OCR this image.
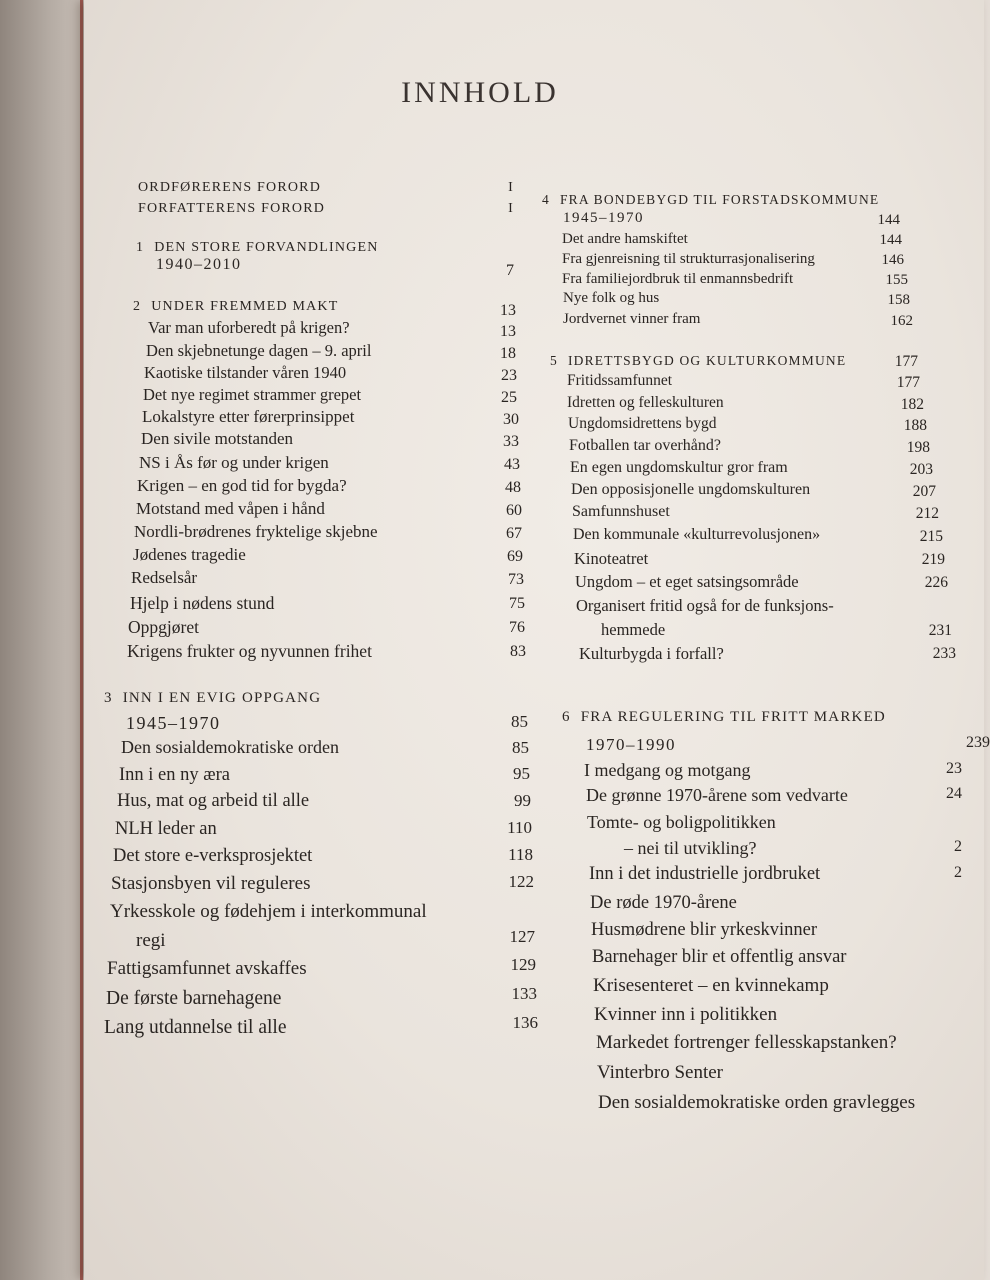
INNHOLD
ORDFØRERENS FORORD	I
FORFATTERENS FORORD	I
1 DEN STORE FORVANDLINGEN
1940–2010	7
2 UNDER FREMMED MAKT	13
Var man uforberedt på krigen?	13
Den skjebnetunge dagen – 9. april	18
Kaotiske tilstander våren 1940	23
Det nye regimet strammer grepet	25
Lokalstyre etter førerprinsippet	30
Den sivile motstanden	33
NS i Ås før og under krigen	43
Krigen – en god tid for bygda?	48
Motstand med våpen i hånd	60
Nordli-brødrenes fryktelige skjebne	67
Jødenes tragedie	69
Redselsår	73
Hjelp i nødens stund	75
Oppgjøret	76
Krigens frukter og nyvunnen frihet	83
3 INN I EN EVIG OPPGANG
1945–1970	85
Den sosialdemokratiske orden	85
Inn i en ny æra	95
Hus, mat og arbeid til alle	99
NLH leder an	110
Det store e-verksprosjektet	118
Stasjonsbyen vil reguleres	122
Yrkesskole og fødehjem i interkommunal
regi	127
Fattigsamfunnet avskaffes	129
De første barnehagene	133
Lang utdannelse til alle	136
4 FRA BONDEBYGD TIL FORSTADSKOMMUNE
1945–1970	144
Det andre hamskiftet	144
Fra gjenreisning til strukturrasjonalisering	146
Fra familiejordbruk til enmannsbedrift	155
Nye folk og hus	158
Jordvernet vinner fram	162
5 IDRETTSBYGD OG KULTURKOMMUNE	177
Fritidssamfunnet	177
Idretten og felleskulturen	182
Ungdomsidrettens bygd	188
Fotballen tar overhånd?	198
En egen ungdomskultur gror fram	203
Den opposisjonelle ungdomskulturen	207
Samfunnshuset	212
Den kommunale «kulturrevolusjonen»	215
Kinoteatret	219
Ungdom – et eget satsingsområde	226
Organisert fritid også for de funksjons-
hemmede	231
Kulturbygda i forfall?	233
6 FRA REGULERING TIL FRITT MARKED
1970–1990	239
I medgang og motgang	23
De grønne 1970-årene som vedvarte	24
Tomte- og boligpolitikken
– nei til utvikling?	2
Inn i det industrielle jordbruket	2
De røde 1970-årene
Husmødrene blir yrkeskvinner
Barnehager blir et offentlig ansvar
Krisesenteret – en kvinnekamp
Kvinner inn i politikken
Markedet fortrenger fellesskapstanken?
Vinterbro Senter
Den sosialdemokratiske orden gravlegges
